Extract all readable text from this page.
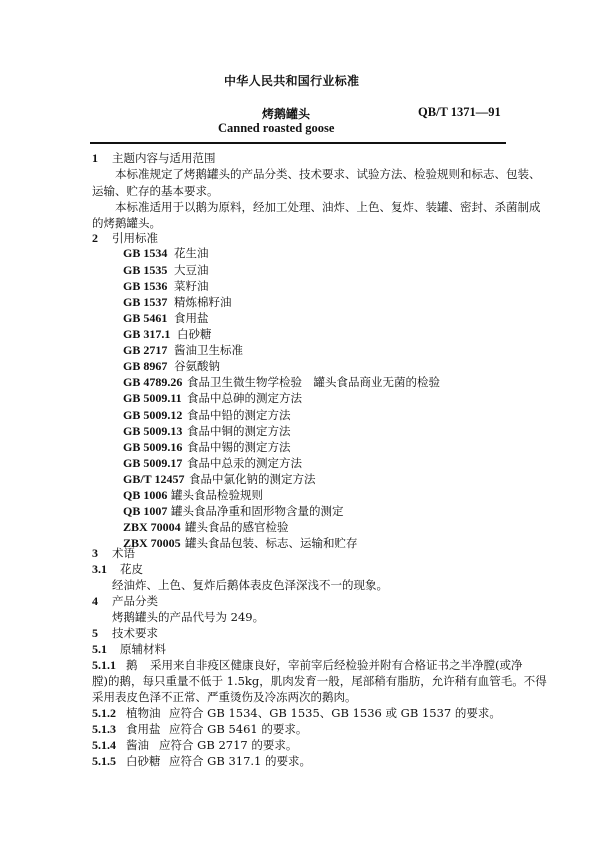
中华人民共和国行业标准
烤鹅罐头	QB/T 1371—91
Canned roasted goose
1 主题内容与适用范围
本标准规定了烤鹅罐头的产品分类、技术要求、试验方法、检验规则和标志、包装、
运输、贮存的基本要求。
本标准适用于以鹅为原料，经加工处理、油炸、上色、复炸、装罐、密封、杀菌制成
的烤鹅罐头。
2 引用标准
GB 1534 花生油
GB 1535 大豆油
GB 1536 菜籽油
GB 1537 精炼棉籽油
GB 5461 食用盐
GB 317.1 白砂糖
GB 2717 酱油卫生标准
GB 8967 谷氨酸钠
GB 4789.26 食品卫生微生物学检验　罐头食品商业无菌的检验
GB 5009.11 食品中总砷的测定方法
GB 5009.12 食品中铅的测定方法
GB 5009.13 食品中铜的测定方法
GB 5009.16 食品中锡的测定方法
GB 5009.17 食品中总汞的测定方法
GB/T 12457 食品中氯化钠的测定方法
QB 1006 罐头食品检验规则
QB 1007 罐头食品净重和固形物含量的测定
ZBX 70004 罐头食品的感官检验
ZBX 70005 罐头食品包装、标志、运输和贮存
3 术语
3.1 花皮
经油炸、上色、复炸后鹅体表皮色泽深浅不一的现象。
4 产品分类
烤鹅罐头的产品代号为 249。
5 技术要求
5.1 原辅材料
5.1.1 鹅 采用来自非疫区健康良好，宰前宰后经检验并附有合格证书之半净膛(或净
膛)的鹅，每只重量不低于 1.5kg，肌肉发育一般，尾部稍有脂肪，允许稍有血管毛。不得
采用表皮色泽不正常、严重烫伤及冷冻两次的鹅肉。
5.1.2 植物油 应符合 GB 1534、GB 1535、GB 1536 或 GB 1537 的要求。
5.1.3 食用盐 应符合 GB 5461 的要求。
5.1.4 酱油 应符合 GB 2717 的要求。
5.1.5 白砂糖 应符合 GB 317.1 的要求。
